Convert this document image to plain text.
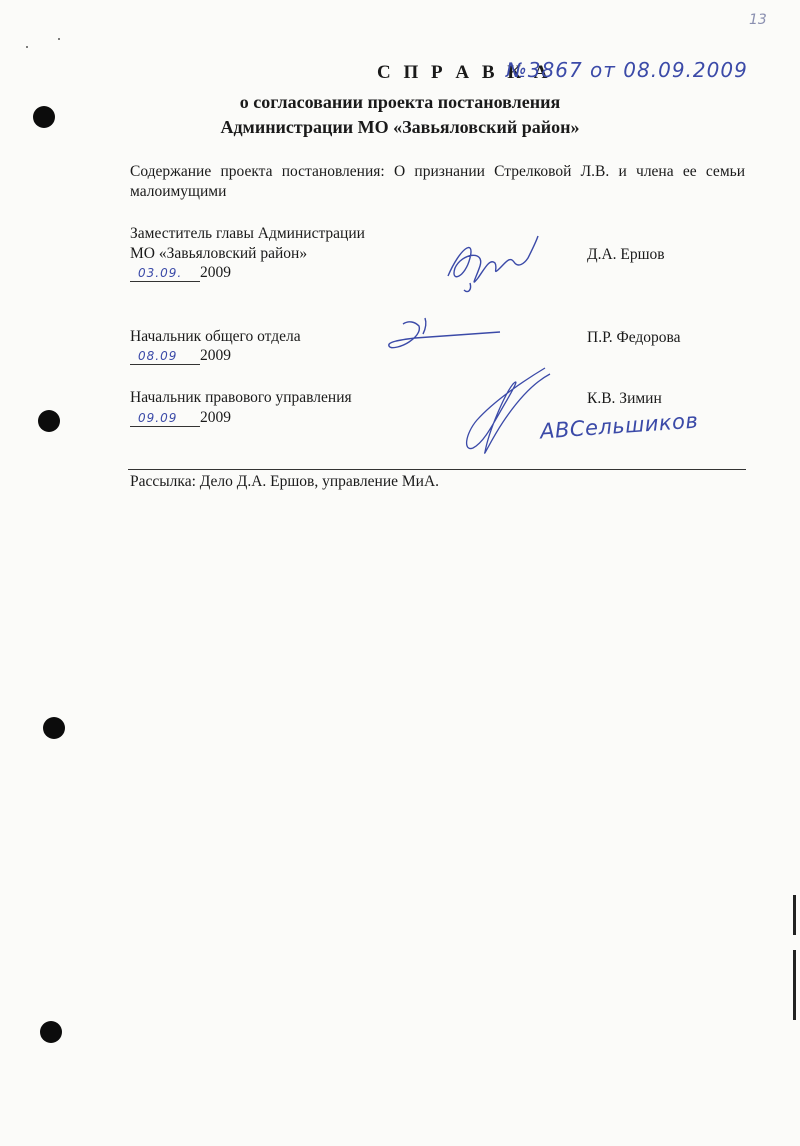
13
С П Р А В К А
№3867 от 08.09.2009
о согласовании проекта постановления
Администрации МО «Завьяловский район»

Содержание проекта постановления: О признании Стрелковой Л.В. и члена ее семьи

малоимущими

Заместитель главы Администрации
МО «Завьяловский район»
03.09. 2009
Д.А. Ершов
Начальник общего отдела
08.09 2009
П.Р. Федорова
Начальник правового управления
09.09 2009
К.В. Зимин
АВСельшиков
Рассылка: Дело Д.А. Ершов, управление МиА.
